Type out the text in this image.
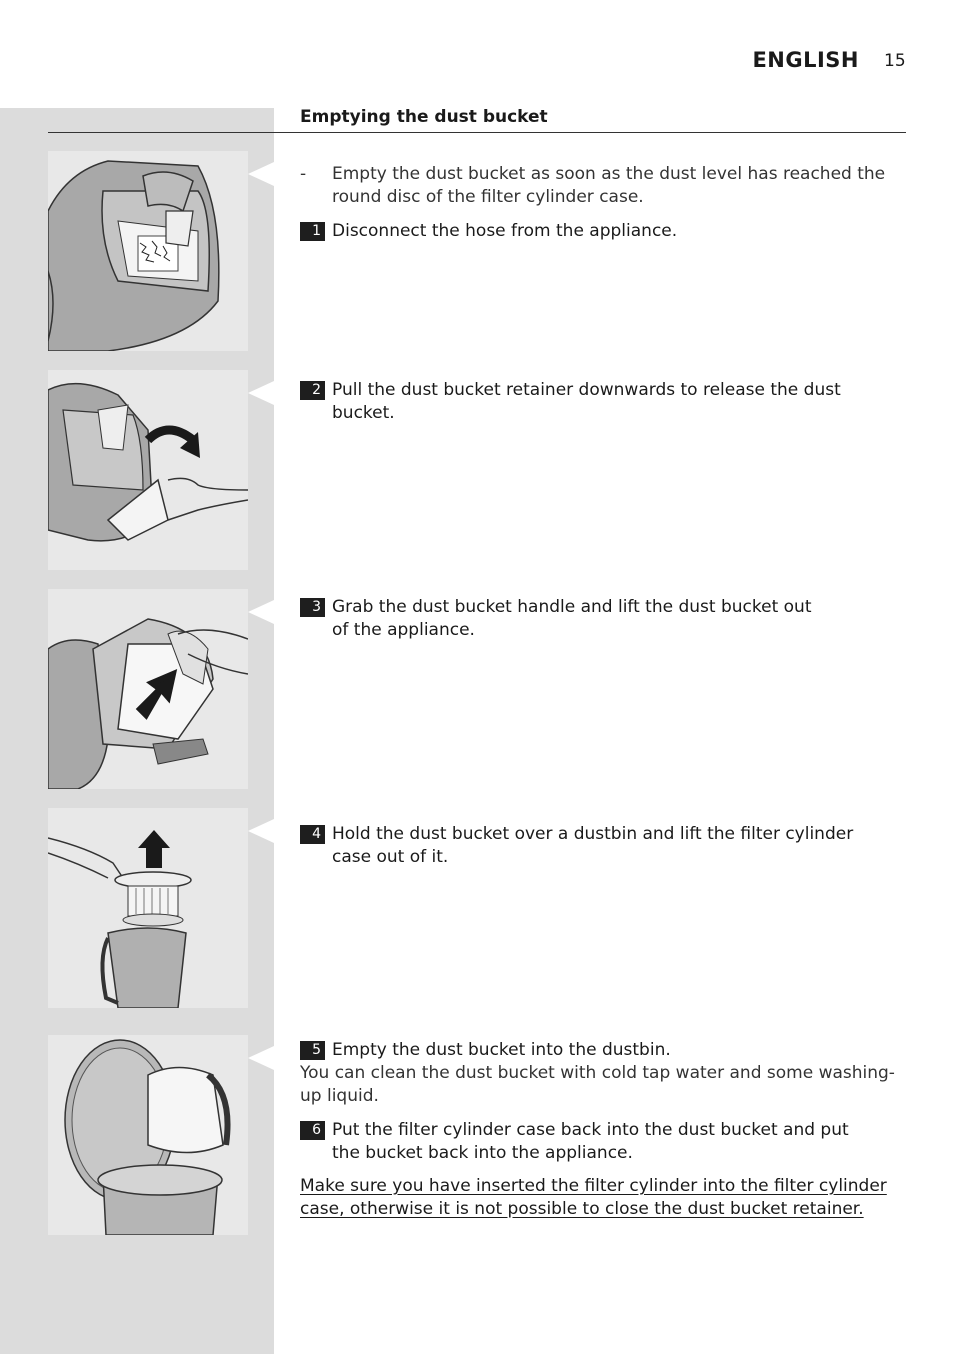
ENGLISH 15
Emptying the dust bucket
- Empty the dust bucket as soon as the dust level has reached the round disc of the filter cylinder case.
1 Disconnect the hose from the appliance.
2 Pull the dust bucket retainer downwards to release the dust bucket.
3 Grab the dust bucket handle and lift the dust bucket out of the appliance.
4 Hold the dust bucket over a dustbin and lift the filter cylinder case out of it.
5 Empty the dust bucket into the dustbin.
You can clean the dust bucket with cold tap water and some washing-up liquid.
6 Put the filter cylinder case back into the dust bucket and put the bucket back into the appliance.
Make sure you have inserted the filter cylinder into the filter cylinder case, otherwise it is not possible to close the dust bucket retainer.
